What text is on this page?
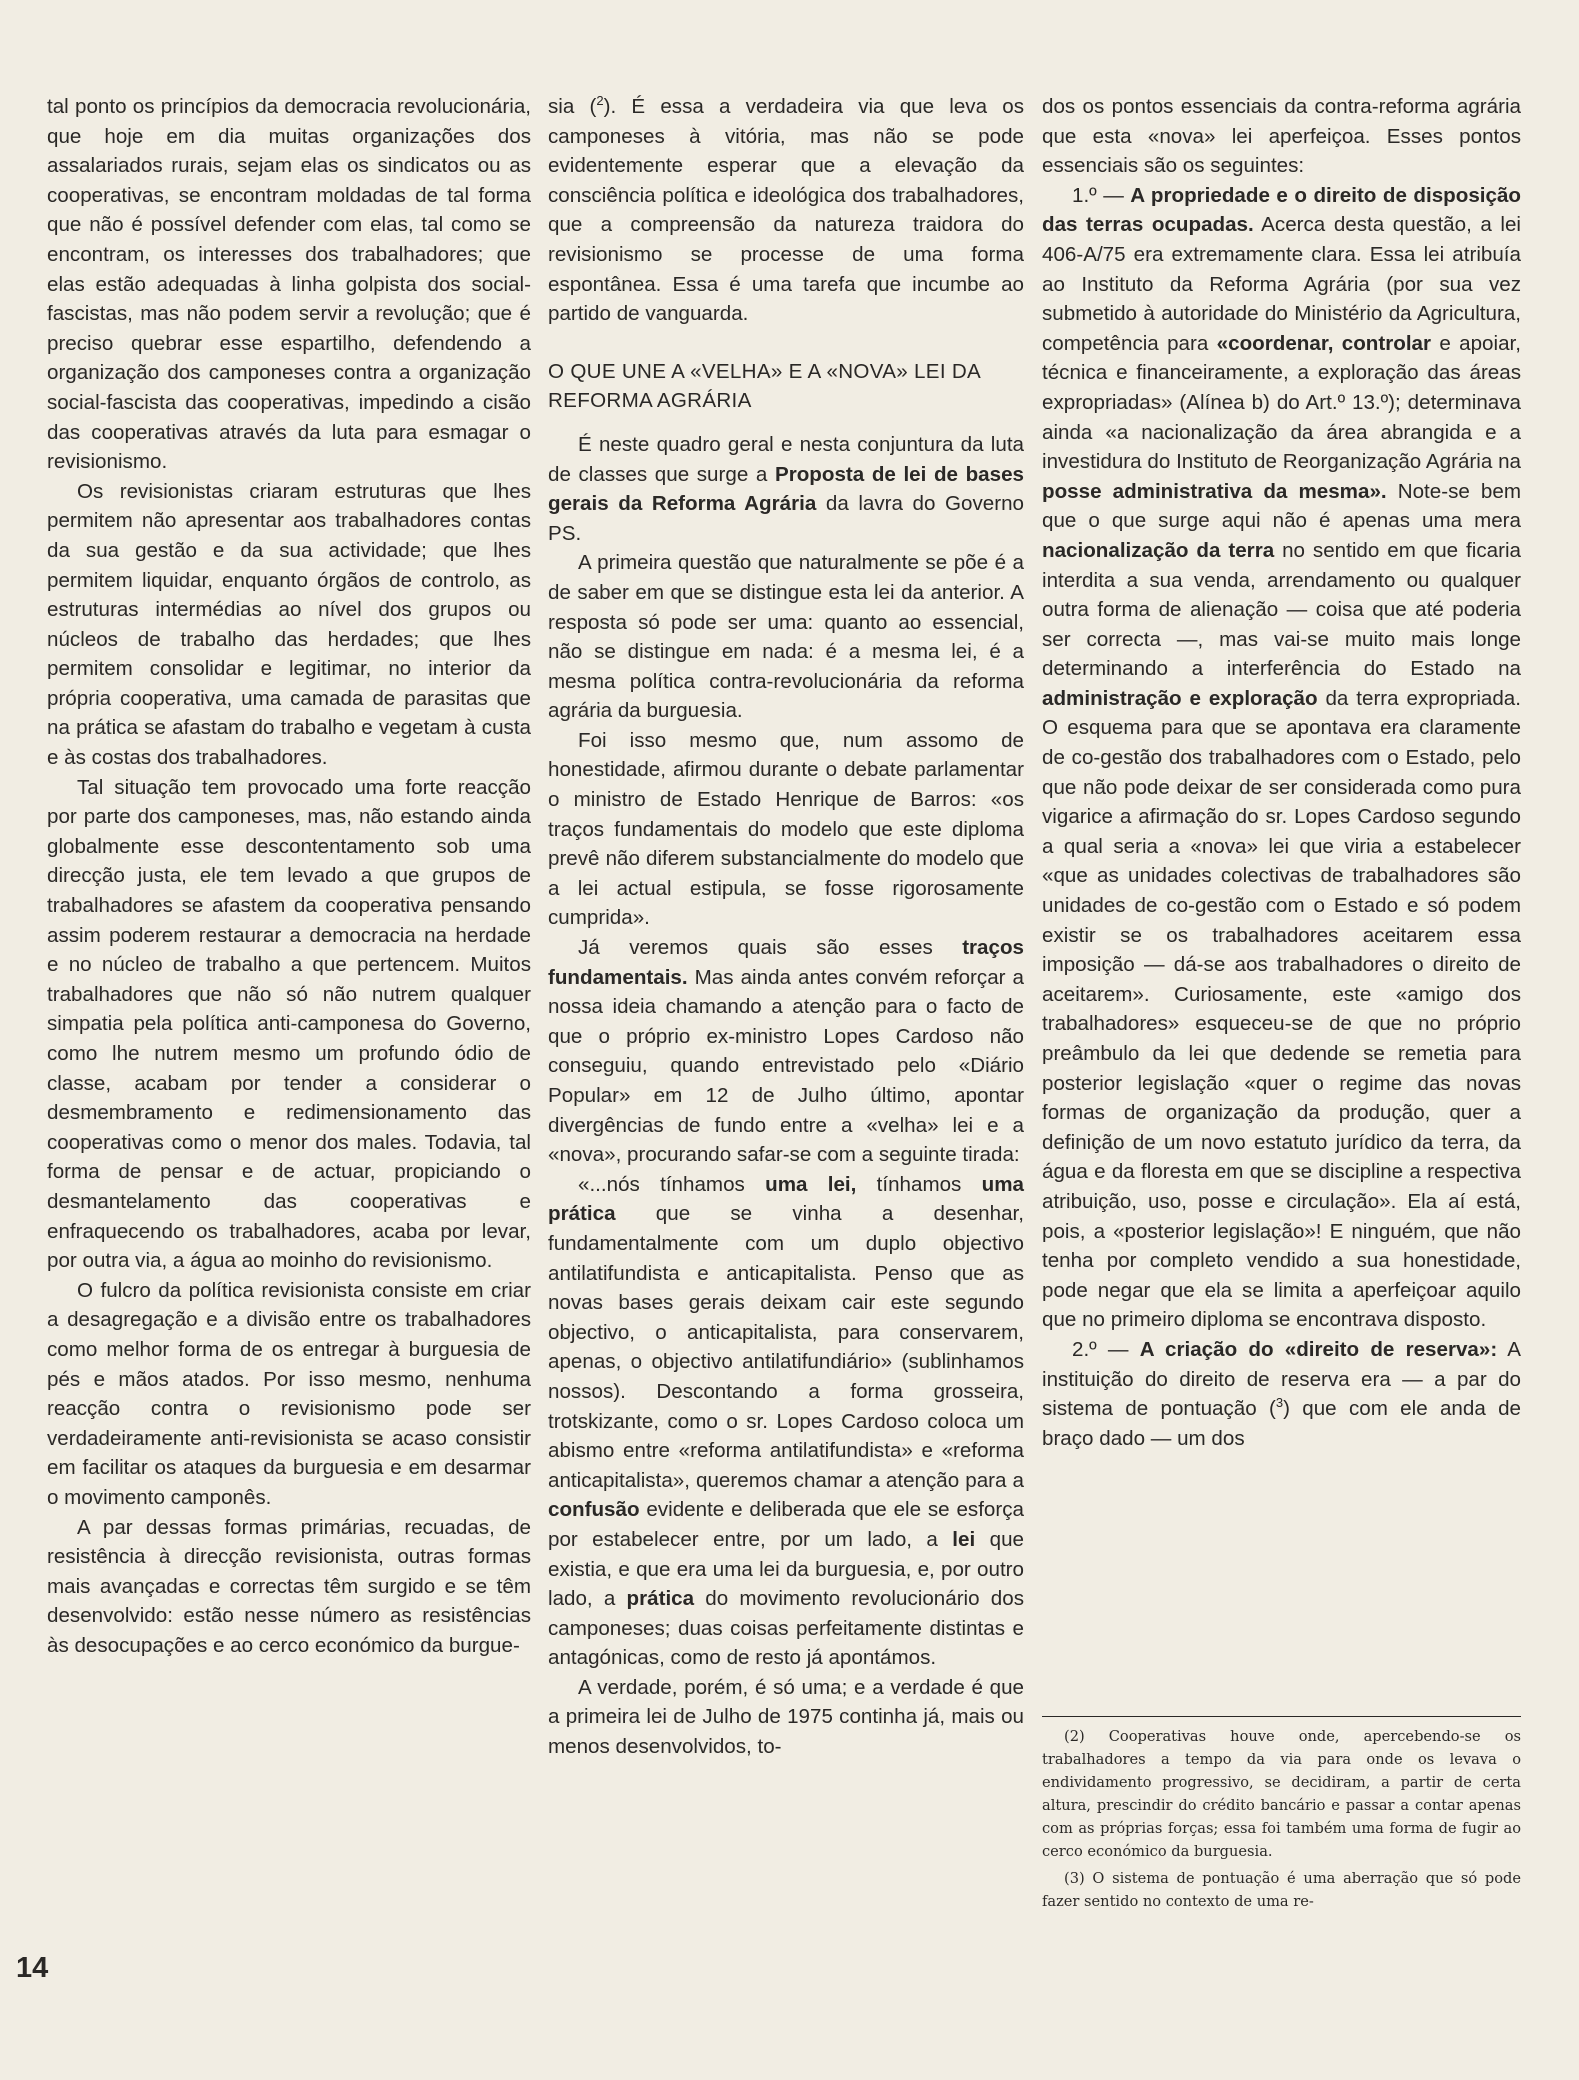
tal ponto os princípios da democracia revolucionária, que hoje em dia muitas organizações dos assalariados rurais, sejam elas os sindicatos ou as cooperativas, se encontram moldadas de tal forma que não é possível defender com elas, tal como se encontram, os interesses dos trabalhadores; que elas estão adequadas à linha golpista dos social-fascistas, mas não podem servir a revolução; que é preciso quebrar esse espartilho, defendendo a organização dos camponeses contra a organização social-fascista das cooperativas, impedindo a cisão das cooperativas através da luta para esmagar o revisionismo.

Os revisionistas criaram estruturas que lhes permitem não apresentar aos trabalhadores contas da sua gestão e da sua actividade; que lhes permitem liquidar, enquanto órgãos de controlo, as estruturas intermédias ao nível dos grupos ou núcleos de trabalho das herdades; que lhes permitem consolidar e legitimar, no interior da própria cooperativa, uma camada de parasitas que na prática se afastam do trabalho e vegetam à custa e às costas dos trabalhadores.

Tal situação tem provocado uma forte reacção por parte dos camponeses, mas, não estando ainda globalmente esse descontentamento sob uma direcção justa, ele tem levado a que grupos de trabalhadores se afastem da cooperativa pensando assim poderem restaurar a democracia na herdade e no núcleo de trabalho a que pertencem. Muitos trabalhadores que não só não nutrem qualquer simpatia pela política anti-camponesa do Governo, como lhe nutrem mesmo um profundo ódio de classe, acabam por tender a considerar o desmembramento e redimensionamento das cooperativas como o menor dos males. Todavia, tal forma de pensar e de actuar, propiciando o desmantelamento das cooperativas e enfraquecendo os trabalhadores, acaba por levar, por outra via, a água ao moinho do revisionismo.

O fulcro da política revisionista consiste em criar a desagregação e a divisão entre os trabalhadores como melhor forma de os entregar à burguesia de pés e mãos atados. Por isso mesmo, nenhuma reacção contra o revisionismo pode ser verdadeiramente anti-revisionista se acaso consistir em facilitar os ataques da burguesia e em desarmar o movimento camponês.

A par dessas formas primárias, recuadas, de resistência à direcção revisionista, outras formas mais avançadas e correctas têm surgido e se têm desenvolvido: estão nesse número as resistências às desocupações e ao cerco económico da burgue-

sia ($^2$). É essa a verdadeira via que leva os camponeses à vitória, mas não se pode evidentemente esperar que a elevação da consciência política e ideológica dos trabalhadores, que a compreensão da natureza traidora do revisionismo se processe de uma forma espontânea. Essa é uma tarefa que incumbe ao partido de vanguarda.

O QUE UNE A «VELHA» E A «NOVA» LEI DA REFORMA AGRÁRIA

É neste quadro geral e nesta conjuntura da luta de classes que surge a Proposta de lei de bases gerais da Reforma Agrária da lavra do Governo PS.

A primeira questão que naturalmente se põe é a de saber em que se distingue esta lei da anterior. A resposta só pode ser uma: quanto ao essencial, não se distingue em nada: é a mesma lei, é a mesma política contra-revolucionária da reforma agrária da burguesia.

Foi isso mesmo que, num assomo de honestidade, afirmou durante o debate parlamentar o ministro de Estado Henrique de Barros: «os traços fundamentais do modelo que este diploma prevê não diferem substancialmente do modelo que a lei actual estipula, se fosse rigorosamente cumprida».

Já veremos quais são esses traços fundamentais. Mas ainda antes convém reforçar a nossa ideia chamando a atenção para o facto de que o próprio ex-ministro Lopes Cardoso não conseguiu, quando entrevistado pelo «Diário Popular» em 12 de Julho último, apontar divergências de fundo entre a «velha» lei e a «nova», procurando safar-se com a seguinte tirada:

«...nós tínhamos uma lei, tínhamos uma prática que se vinha a desenhar, fundamentalmente com um duplo objectivo antilatifundista e anticapitalista. Penso que as novas bases gerais deixam cair este segundo objectivo, o anticapitalista, para conservarem, apenas, o objectivo antilatifundiário» (sublinhamos nossos). Descontando a forma grosseira, trotskizante, como o sr. Lopes Cardoso coloca um abismo entre «reforma antilatifundista» e «reforma anticapitalista», queremos chamar a atenção para a confusão evidente e deliberada que ele se esforça por estabelecer entre, por um lado, a lei que existia, e que era uma lei da burguesia, e, por outro lado, a prática do movimento revolucionário dos camponeses; duas coisas perfeitamente distintas e antagónicas, como de resto já apontámos.

A verdade, porém, é só uma; e a verdade é que a primeira lei de Julho de 1975 continha já, mais ou menos desenvolvidos, to-

dos os pontos essenciais da contra-reforma agrária que esta «nova» lei aperfeiçoa. Esses pontos essenciais são os seguintes:

1.º — A propriedade e o direito de disposição das terras ocupadas. Acerca desta questão, a lei 406-A/75 era extremamente clara. Essa lei atribuía ao Instituto da Reforma Agrária (por sua vez submetido à autoridade do Ministério da Agricultura, competência para «coordenar, controlar e apoiar, técnica e financeiramente, a exploração das áreas expropriadas» (Alínea b) do Art.º 13.º); determinava ainda «a nacionalização da área abrangida e a investidura do Instituto de Reorganização Agrária na posse administrativa da mesma». Note-se bem que o que surge aqui não é apenas uma mera nacionalização da terra no sentido em que ficaria interdita a sua venda, arrendamento ou qualquer outra forma de alienação — coisa que até poderia ser correcta —, mas vai-se muito mais longe determinando a interferência do Estado na administração e exploração da terra expropriada. O esquema para que se apontava era claramente de co-gestão dos trabalhadores com o Estado, pelo que não pode deixar de ser considerada como pura vigarice a afirmação do sr. Lopes Cardoso segundo a qual seria a «nova» lei que viria a estabelecer «que as unidades colectivas de trabalhadores são unidades de co-gestão com o Estado e só podem existir se os trabalhadores aceitarem essa imposição — dá-se aos trabalhadores o direito de aceitarem». Curiosamente, este «amigo dos trabalhadores» esqueceu-se de que no próprio preâmbulo da lei que dedende se remetia para posterior legislação «quer o regime das novas formas de organização da produção, quer a definição de um novo estatuto jurídico da terra, da água e da floresta em que se discipline a respectiva atribuição, uso, posse e circulação». Ela aí está, pois, a «posterior legislação»! E ninguém, que não tenha por completo vendido a sua honestidade, pode negar que ela se limita a aperfeiçoar aquilo que no primeiro diploma se encontrava disposto.

2.º — A criação do «direito de reserva»: A instituição do direito de reserva era — a par do sistema de pontuação ($^3$) que com ele anda de braço dado — um dos

(2) Cooperativas houve onde, apercebendo-se os trabalhadores a tempo da via para onde os levava o endividamento progressivo, se decidiram, a partir de certa altura, prescindir do crédito bancário e passar a contar apenas com as próprias forças; essa foi também uma forma de fugir ao cerco económico da burguesia.

(3) O sistema de pontuação é uma aberração que só pode fazer sentido no contexto de uma re-

14
